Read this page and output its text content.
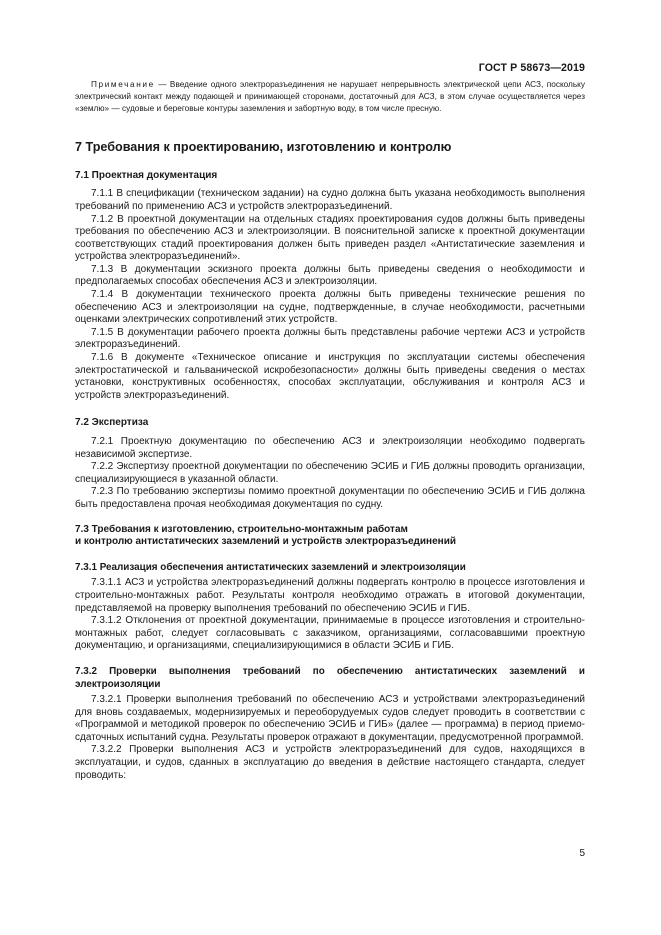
ГОСТ Р 58673—2019

Примечание — Введение одного электроразъединения не нарушает непрерывность электрической цепи АСЗ, поскольку электрический контакт между подающей и принимающей сторонами, достаточный для АСЗ, в этом случае осуществляется через «землю» — судовые и береговые контуры заземления и забортную воду, в том числе пресную.

7 Требования к проектированию, изготовлению и контролю
7.1 Проектная документация

7.1.1 В спецификации (техническом задании) на судно должна быть указана необходимость выполнения требований по применению АСЗ и устройств электроразъединений.

7.1.2 В проектной документации на отдельных стадиях проектирования судов должны быть приведены требования по обеспечению АСЗ и электроизоляции. В пояснительной записке к проектной документации соответствующих стадий проектирования должен быть приведен раздел «Антистатические заземления и устройства электроразъединений».

7.1.3 В документации эскизного проекта должны быть приведены сведения о необходимости и предполагаемых способах обеспечения АСЗ и электроизоляции.

7.1.4 В документации технического проекта должны быть приведены технические решения по обеспечению АСЗ и электроизоляции на судне, подтвержденные, в случае необходимости, расчетными оценками электрических сопротивлений этих устройств.

7.1.5 В документации рабочего проекта должны быть представлены рабочие чертежи АСЗ и устройств электроразъединений.

7.1.6 В документе «Техническое описание и инструкция по эксплуатации системы обеспечения электростатической и гальванической искробезопасности» должны быть приведены сведения о местах установки, конструктивных особенностях, способах эксплуатации, обслуживания и контроля АСЗ и устройств электроразъединений.

7.2 Экспертиза

7.2.1 Проектную документацию по обеспечению АСЗ и электроизоляции необходимо подвергать независимой экспертизе.

7.2.2 Экспертизу проектной документации по обеспечению ЭСИБ и ГИБ должны проводить организации, специализирующиеся в указанной области.

7.2.3 По требованию экспертизы помимо проектной документации по обеспечению ЭСИБ и ГИБ должна быть предоставлена прочая необходимая документация по судну.

7.3 Требования к изготовлению, строительно-монтажным работам
и контролю антистатических заземлений и устройств электроразъединений
7.3.1 Реализация обеспечения антистатических заземлений и электроизоляции

7.3.1.1 АСЗ и устройства электроразъединений должны подвергать контролю в процессе изготовления и строительно-монтажных работ. Результаты контроля необходимо отражать в итоговой документации, представляемой на проверку выполнения требований по обеспечению ЭСИБ и ГИБ.

7.3.1.2 Отклонения от проектной документации, принимаемые в процессе изготовления и строительно-монтажных работ, следует согласовывать с заказчиком, организациями, согласовавшими проектную документацию, и организациями, специализирующимися в области ЭСИБ и ГИБ.

7.3.2 Проверки выполнения требований по обеспечению антистатических заземлений и электроизоляции

7.3.2.1 Проверки выполнения требований по обеспечению АСЗ и устройствами электроразъединений для вновь создаваемых, модернизируемых и переоборудуемых судов следует проводить в соответствии с «Программой и методикой проверок по обеспечению ЭСИБ и ГИБ» (далее — программа) в период приемо-сдаточных испытаний судна. Результаты проверок отражают в документации, предусмотренной программой.

7.3.2.2 Проверки выполнения АСЗ и устройств электроразъединений для судов, находящихся в эксплуатации, и судов, сданных в эксплуатацию до введения в действие настоящего стандарта, следует проводить:

5
